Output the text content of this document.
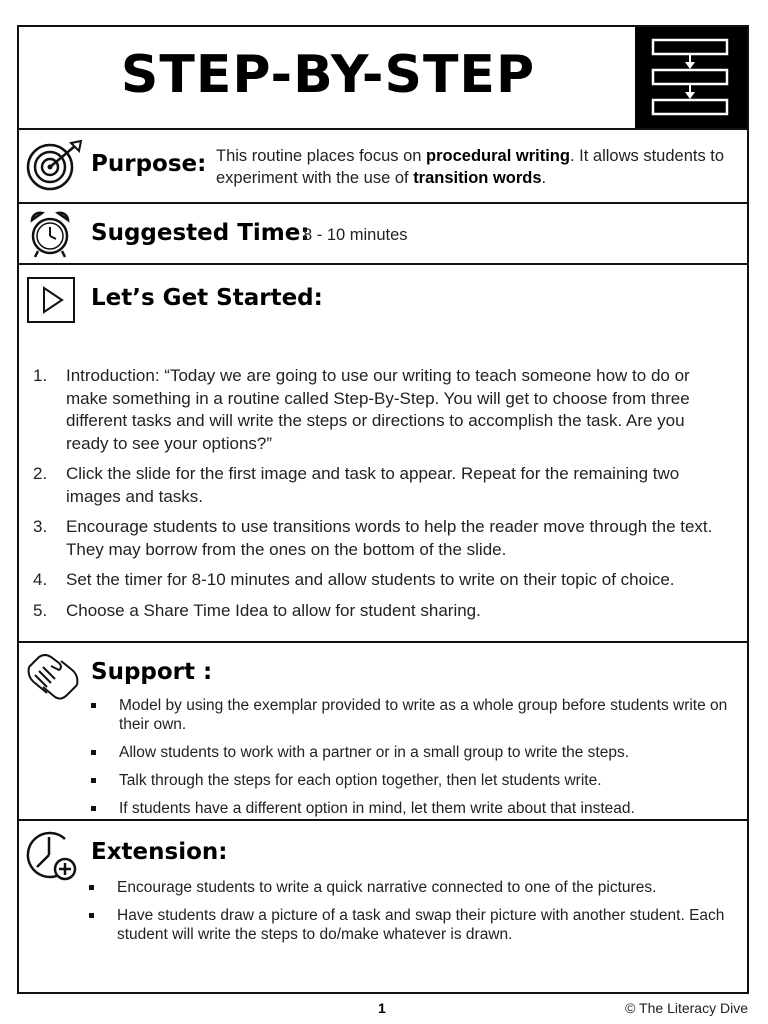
STEP-BY-STEP
Purpose: This routine places focus on procedural writing. It allows students to experiment with the use of transition words.
Suggested Time:
8 - 10 minutes
Let’s Get Started:
1. Introduction: “Today we are going to use our writing to teach someone how to do or make something in a routine called Step-By-Step. You will get to choose from three different tasks and will write the steps or directions to accomplish the task. Are you ready to see your options?”
2. Click the slide for the first image and task to appear. Repeat for the remaining two images and tasks.
3. Encourage students to use transitions words to help the reader move through the text. They may borrow from the ones on the bottom of the slide.
4. Set the timer for 8-10 minutes and allow students to write on their topic of choice.
5. Choose a Share Time Idea to allow for student sharing.
Support :
Model by using the exemplar provided to write as a whole group before students write on their own.
Allow students to work with a partner or in a small group to write the steps.
Talk through the steps for each option together, then let students write.
If students have a different option in mind, let them write about that instead.
Extension:
Encourage students to write a quick narrative connected to one of the pictures.
Have students draw a picture of a task and swap their picture with another student. Each student will write the steps to do/make whatever is drawn.
1	© The Literacy Dive
